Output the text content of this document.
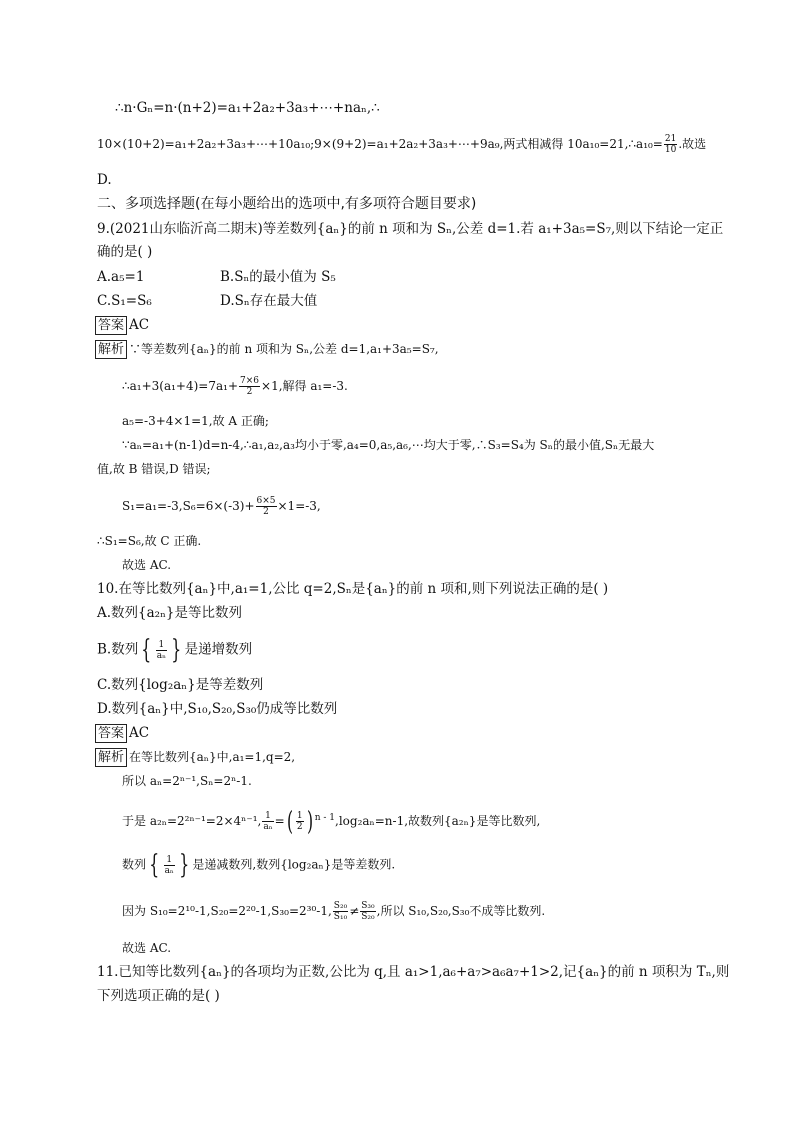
∴n·Gₙ=n·(n+2)=a₁+2a₂+3a₃+⋯+naₙ,∴
10×(10+2)=a₁+2a₂+3a₃+⋯+10a₁₀;9×(9+2)=a₁+2a₂+3a₃+⋯+9a₉,两式相减得 10a₁₀=21,∴a₁₀= $\frac{21}{10}$ .故选
D.
二、多项选择题(在每小题给出的选项中,有多项符合题目要求)
9.(2021山东临沂高二期末)等差数列{aₙ}的前 n 项和为 Sₙ,公差 d=1.若 a₁+3a₅=S₇,则以下结论一定正
确的是( )
A.a₅=1	B.Sₙ的最小值为 S₅
C.S₁=S₆	D.Sₙ存在最大值
答案 AC
解析 ∵等差数列{aₙ}的前 n 项和为 Sₙ,公差 d=1,a₁+3a₅=S₇,
∴a₁+3(a₁+4)=7a₁+ $\frac{7\times 6}{2} \times 1$,解得 a₁=-3.
a₅=-3+4×1=1,故 A 正确;
∵aₙ=a₁+(n-1)d=n-4,∴a₁,a₂,a₃均小于零,a₄=0,a₅,a₆,⋯均大于零,∴S₃=S₄为 Sₙ的最小值,Sₙ无最大
值,故 B 错误,D 错误;
$S_1=a_1=-3,S_6=6\times(-3)+ \frac{6\times 5}{2} \times 1=-3$,
∴S₁=S₆,故 C 正确.
故选 AC.
10.在等比数列{aₙ}中,a₁=1,公比 q=2,Sₙ是{aₙ}的前 n 项和,则下列说法正确的是( )
A.数列{a₂ₙ}是等比数列
B.数列 { $\frac{1}{\text{aₙ}}$ } 是递增数列
C.数列{log₂aₙ}是等差数列
D.数列{aₙ}中,S₁₀,S₂₀,S₃₀仍成等比数列
答案 AC
解析 在等比数列{aₙ}中,a₁=1,q=2,
所以 aₙ=2ⁿ⁻¹,Sₙ=2ⁿ-1.
于是 a₂ₙ=2²ⁿ⁻¹=2×4ⁿ⁻¹, $\frac{1}{\text{aₙ}}$ =( $\frac{1}{2}$ ) $^{n - 1}$,log₂aₙ=n-1,故数列{a₂ₙ}是等比数列,
数列 { $\frac{1}{\text{aₙ}}$ } 是递减数列,数列{log₂aₙ}是等差数列.
因为 S₁₀=2¹⁰-1,S₂₀=2²⁰-1,S₃₀=2³⁰-1, $\frac{\text{S₂₀}}{\text{S₁₀}} \ne \frac{\text{S₃₀}}{\text{S₂₀}}$ ,所以 S₁₀,S₂₀,S₃₀不成等比数列.
故选 AC.
11.已知等比数列{aₙ}的各项均为正数,公比为 q,且 a₁>1,a₆+a₇>a₆a₇+1>2,记{aₙ}的前 n 项积为 Tₙ,则
下列选项正确的是( )
